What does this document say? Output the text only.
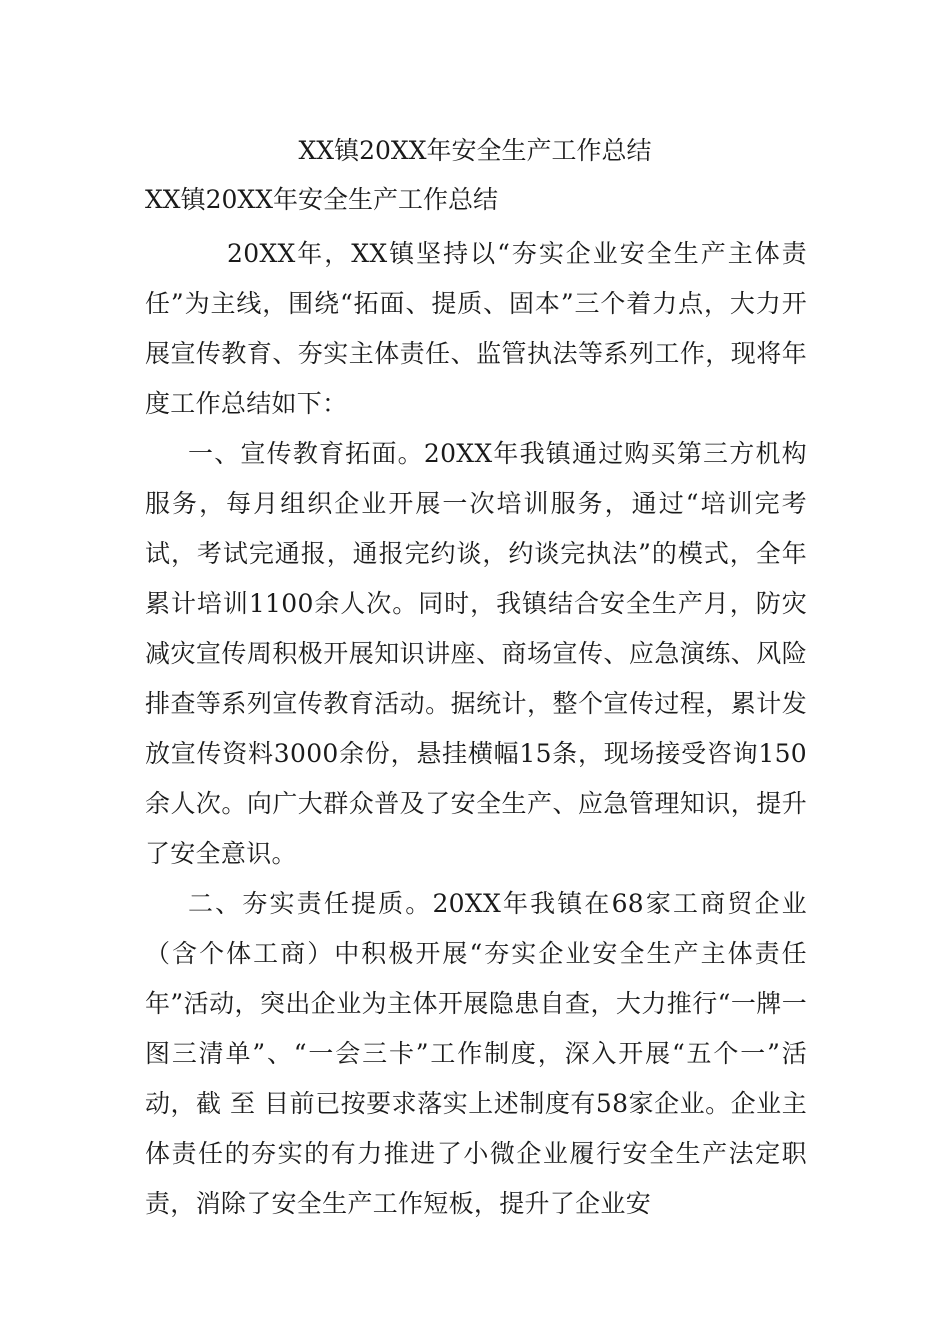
XX镇20XX年安全生产工作总结

XX镇20XX年安全生产工作总结

20XX年，XX镇坚持以“夯实企业安全生产主体责任”为主线，围绕“拓面、提质、固本”三个着力点，大力开展宣传教育、夯实主体责任、监管执法等系列工作，现将年度工作总结如下：

一、宣传教育拓面。20XX年我镇通过购买第三方机构服务，每月组织企业开展一次培训服务，通过“培训完考试，考试完通报，通报完约谈，约谈完执法”的模式，全年累计培训1100余人次。同时，我镇结合安全生产月，防灾减灾宣传周积极开展知识讲座、商场宣传、应急演练、风险排查等系列宣传教育活动。据统计，整个宣传过程，累计发放宣传资料3000余份，悬挂横幅15条，现场接受咨询150余人次。向广大群众普及了安全生产、应急管理知识，提升了安全意识。

二、夯实责任提质。20XX年我镇在68家工商贸企业（含个体工商）中积极开展“夯实企业安全生产主体责任年”活动，突出企业为主体开展隐患自查，大力推行“一牌一图三清单”、“一会三卡”工作制度，深入开展“五个一”活动，截 至 目前已按要求落实上述制度有58家企业。企业主体责任的夯实的有力推进了小微企业履行安全生产法定职责，消除了安全生产工作短板，提升了企业安
